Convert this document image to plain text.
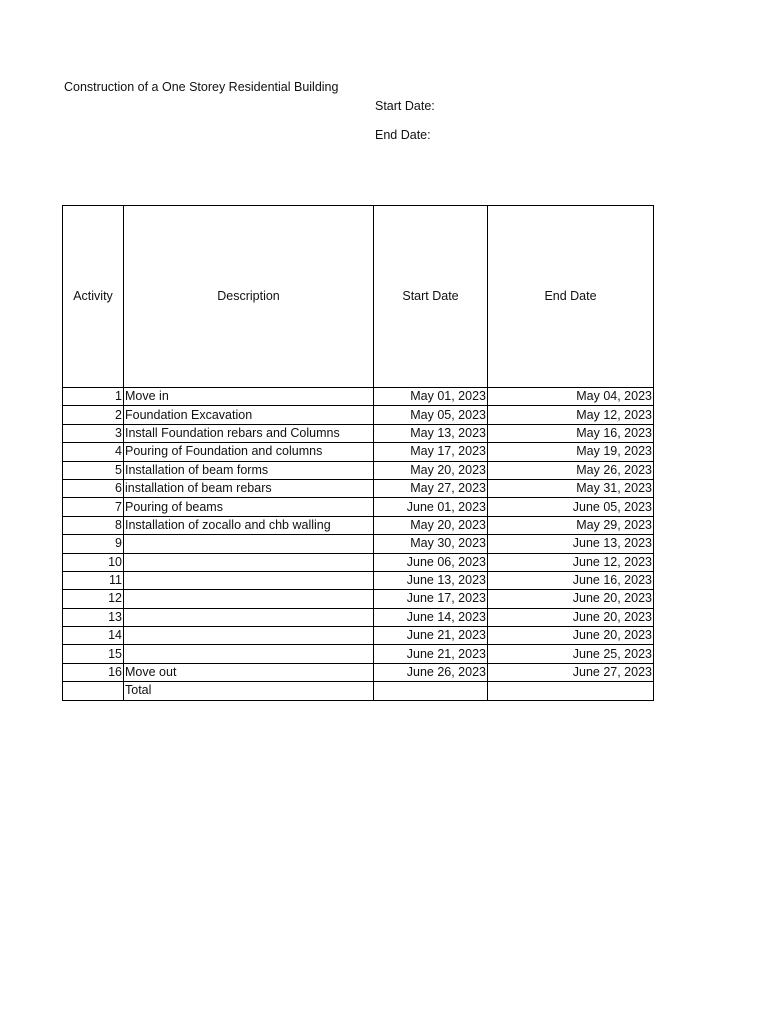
Construction of a One Storey Residential Building
Start Date:
End Date:
Activity	Description	Start Date	End Date
1	Move in	May 01, 2023	May 04, 2023
2	Foundation Excavation	May 05, 2023	May 12, 2023
3	Install Foundation rebars and Columns	May 13, 2023	May 16, 2023
4	Pouring of Foundation and columns	May 17, 2023	May 19, 2023
5	Installation of beam forms	May 20, 2023	May 26, 2023
6	installation of beam rebars	May 27, 2023	May 31, 2023
7	Pouring of beams	June 01, 2023	June 05, 2023
8	Installation of zocallo and chb walling	May 20, 2023	May 29, 2023
9		May 30, 2023	June 13, 2023
10		June 06, 2023	June 12, 2023
11		June 13, 2023	June 16, 2023
12		June 17, 2023	June 20, 2023
13		June 14, 2023	June 20, 2023
14		June 21, 2023	June 20, 2023
15		June 21, 2023	June 25, 2023
16	Move out	June 26, 2023	June 27, 2023
	Total		
